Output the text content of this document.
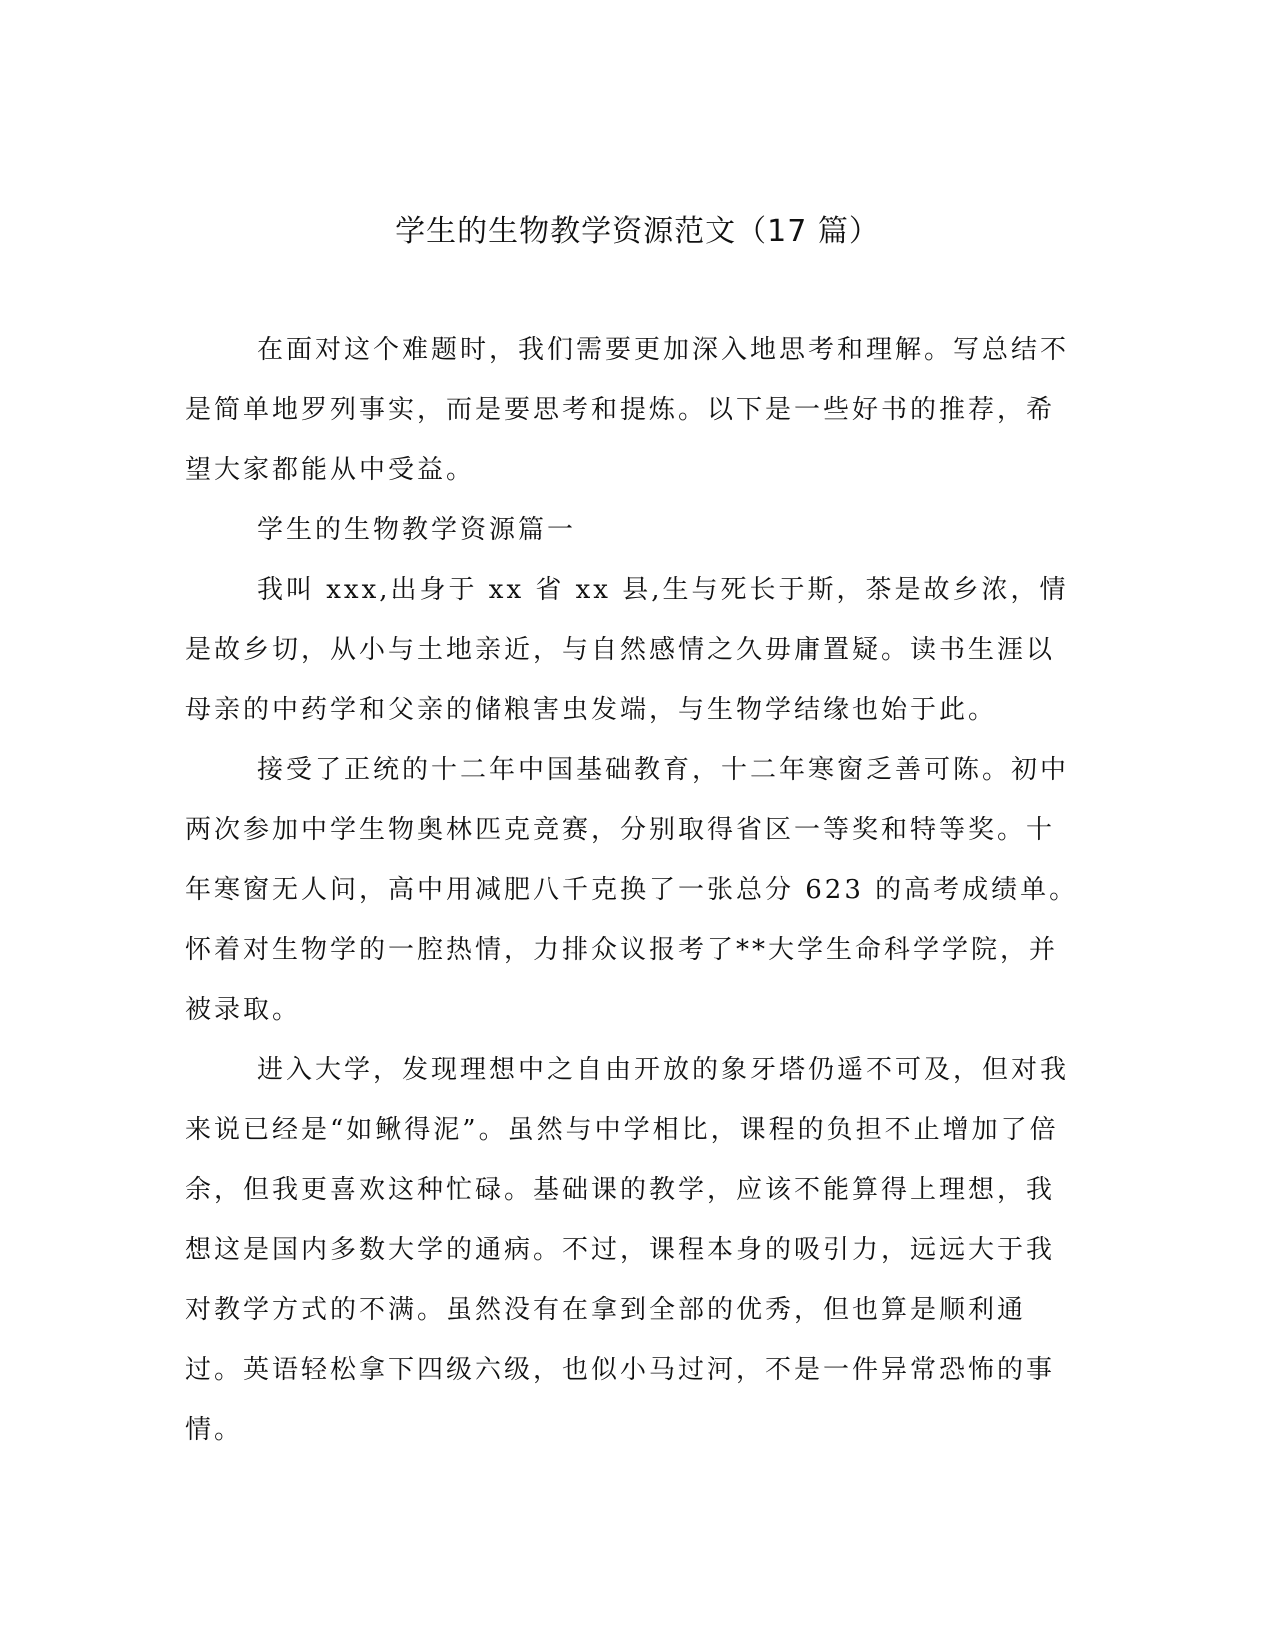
学生的生物教学资源范文（17 篇）

在面对这个难题时，我们需要更加深入地思考和理解。写总结不是简单地罗列事实，而是要思考和提炼。以下是一些好书的推荐，希望大家都能从中受益。

学生的生物教学资源篇一

我叫 xxx,出身于 xx 省 xx 县,生与死长于斯，茶是故乡浓，情是故乡切，从小与土地亲近，与自然感情之久毋庸置疑。读书生涯以母亲的中药学和父亲的储粮害虫发端，与生物学结缘也始于此。

接受了正统的十二年中国基础教育，十二年寒窗乏善可陈。初中两次参加中学生物奥林匹克竞赛，分别取得省区一等奖和特等奖。十年寒窗无人问，高中用减肥八千克换了一张总分 623 的高考成绩单。怀着对生物学的一腔热情，力排众议报考了**大学生命科学学院，并被录取。

进入大学，发现理想中之自由开放的象牙塔仍遥不可及，但对我来说已经是“如鳅得泥”。虽然与中学相比，课程的负担不止增加了倍余，但我更喜欢这种忙碌。基础课的教学，应该不能算得上理想，我想这是国内多数大学的通病。不过，课程本身的吸引力，远远大于我对教学方式的不满。虽然没有在拿到全部的优秀，但也算是顺利通过。英语轻松拿下四级六级，也似小马过河，不是一件异常恐怖的事情。
